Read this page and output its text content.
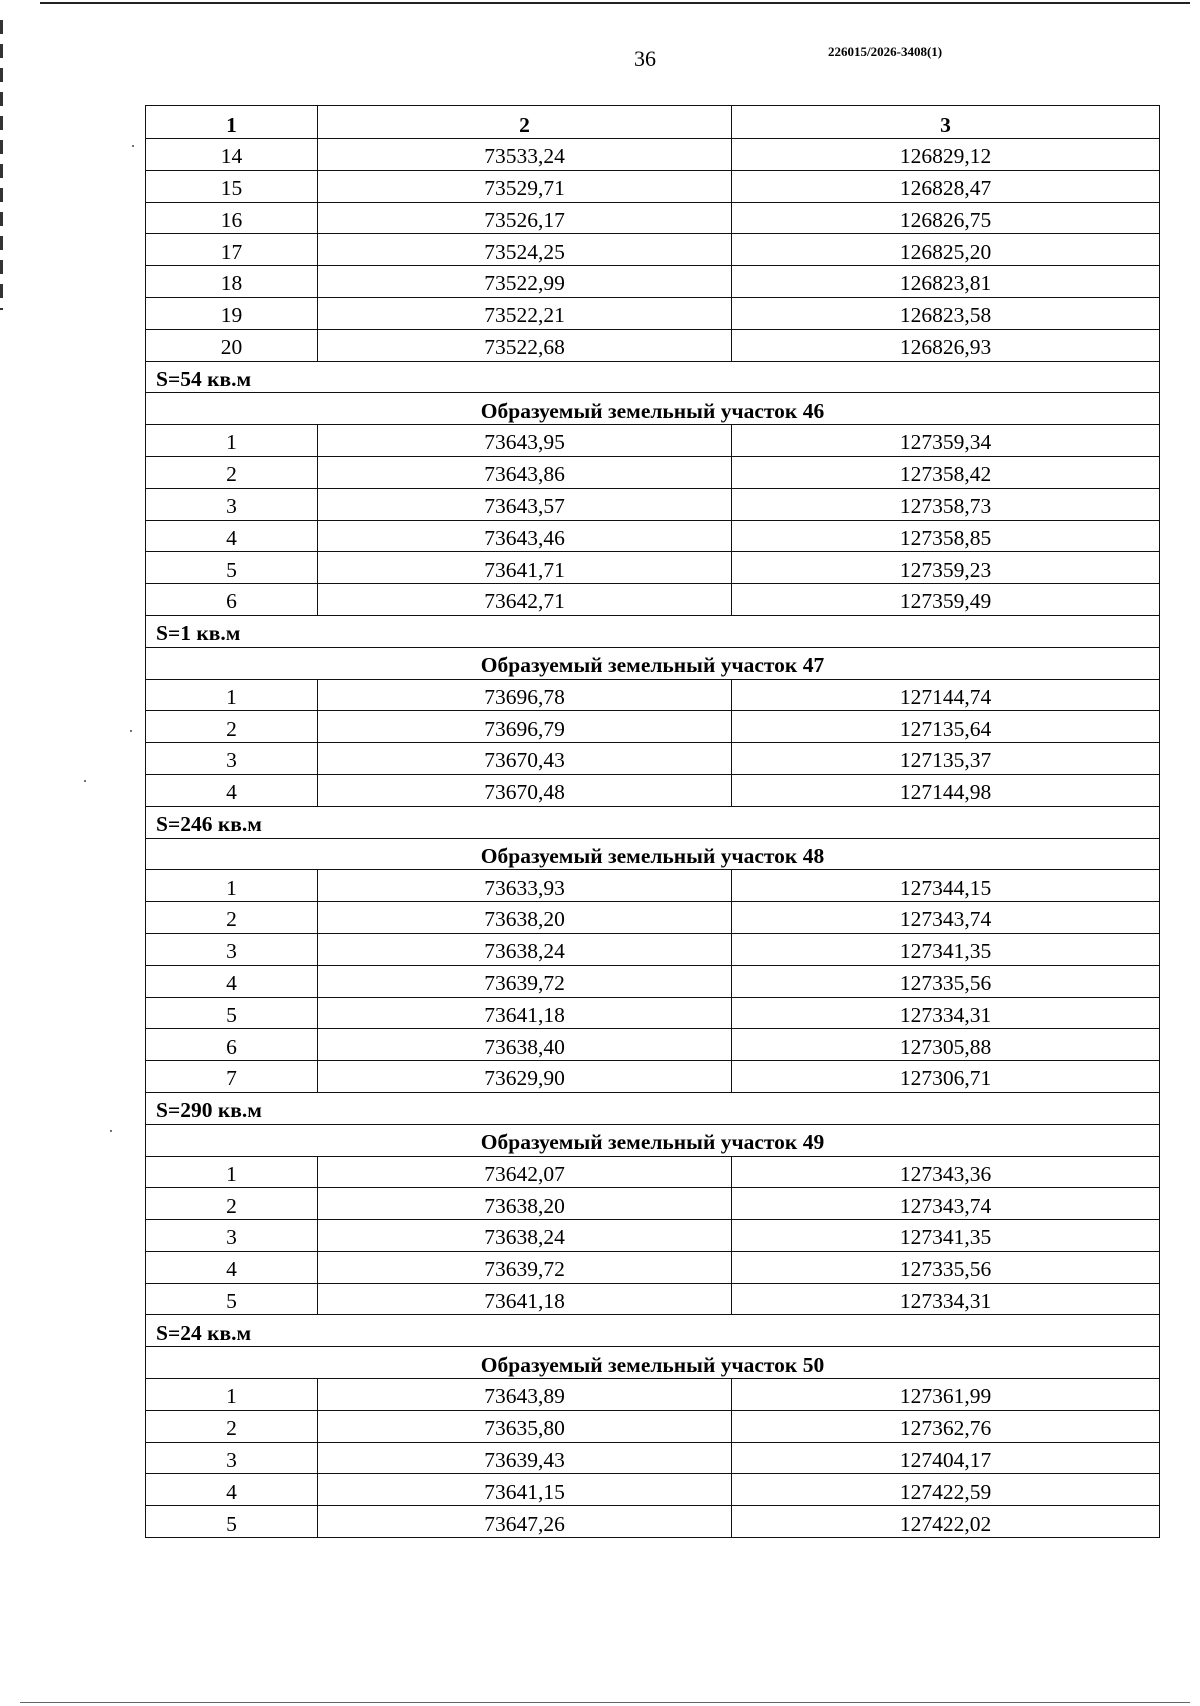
36	226015/2026-3408(1)
1	2	3
14	73533,24	126829,12
15	73529,71	126828,47
16	73526,17	126826,75
17	73524,25	126825,20
18	73522,99	126823,81
19	73522,21	126823,58
20	73522,68	126826,93
S=54 кв.м		
Образуемый земельный участок 46		
1	73643,95	127359,34
2	73643,86	127358,42
3	73643,57	127358,73
4	73643,46	127358,85
5	73641,71	127359,23
6	73642,71	127359,49
S=1 кв.м		
Образуемый земельный участок 47		
1	73696,78	127144,74
2	73696,79	127135,64
3	73670,43	127135,37
4	73670,48	127144,98
S=246 кв.м		
Образуемый земельный участок 48		
1	73633,93	127344,15
2	73638,20	127343,74
3	73638,24	127341,35
4	73639,72	127335,56
5	73641,18	127334,31
6	73638,40	127305,88
7	73629,90	127306,71
S=290 кв.м		
Образуемый земельный участок 49		
1	73642,07	127343,36
2	73638,20	127343,74
3	73638,24	127341,35
4	73639,72	127335,56
5	73641,18	127334,31
S=24 кв.м		
Образуемый земельный участок 50		
1	73643,89	127361,99
2	73635,80	127362,76
3	73639,43	127404,17
4	73641,15	127422,59
5	73647,26	127422,02
